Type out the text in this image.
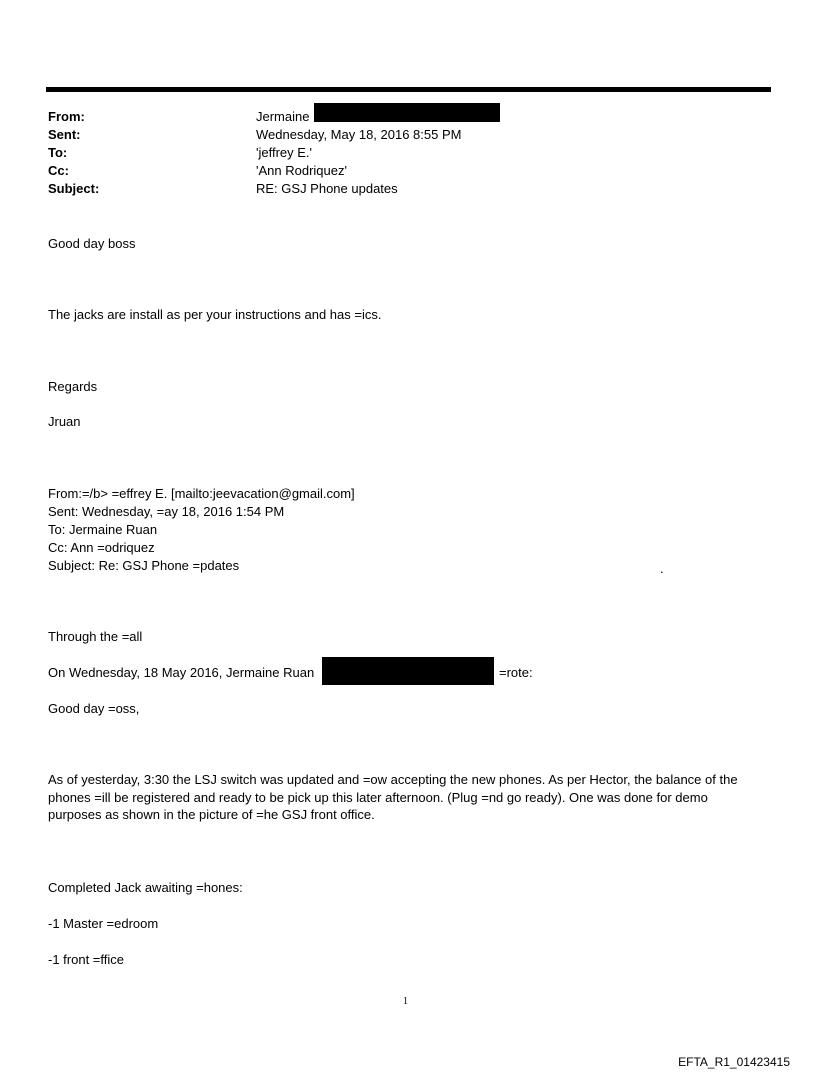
From:	Jermaine
Sent:	Wednesday, May 18, 2016 8:55 PM
To:	'jeffrey E.'
Cc:	'Ann Rodriquez'
Subject:	RE: GSJ Phone updates
Good day boss
The jacks are install as per your instructions and has =ics.
Regards
Jruan
From:=/b> =effrey E. [mailto:jeevacation@gmail.com]
Sent: Wednesday, =ay 18, 2016 1:54 PM
To: Jermaine Ruan
Cc: Ann =odriquez
Subject: Re: GSJ Phone =pdates	.
Through the =all
On Wednesday, 18 May 2016, Jermaine Ruan	=rote:
Good day =oss,
As of yesterday, 3:30 the LSJ switch was updated and =ow accepting the new phones. As per Hector, the balance of the phones =ill be registered and ready to be pick up this later afternoon. (Plug =nd go ready). One was done for demo purposes as shown in the picture of =he GSJ front office.
Completed Jack awaiting =hones:
-1 Master =edroom
-1 front =ffice
1
EFTA_R1_01423415
